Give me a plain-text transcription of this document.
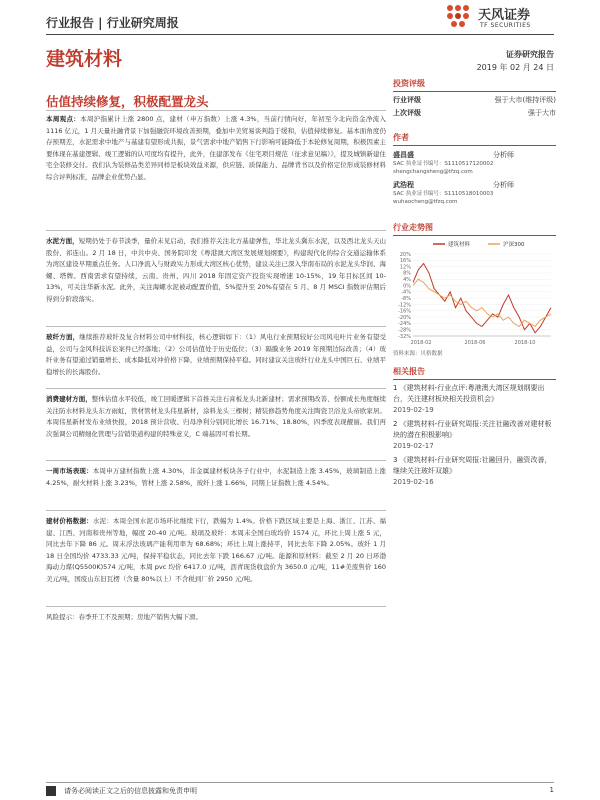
行业报告 | 行业研究周报	天风证券
TF SECURITIES
建筑材料	证券研究报告
2019 年 02 月 24 日
估值持续修复，积极配置龙头
本周观点：本周沪指累计上涨 2800 点，建材（申万指数）上涨 4.3%，当前行情向好，年初至今北向资金净流入 1116 亿元，1 月天量社融背景下加强融资环境改善预期，叠加中美贸易谈判趋于缓和，估值持续修复。基本面角度仍存预期差，水泥需求中地产与基建有望形成共振，景气需求中地产销售下行影响可能降低于本轮修复周期，积极因素主要体现在基建逻辑、竣工逻辑的认可度均有提升，此外，住建部发布《住宅项目规范（征求意见稿）》，提及城镇新建住宅全装修交付。我们认为装修品类差异同样是板块效益来源，供应链、质保能力、品牌背书以及价格定位形成装修材料综合评判标准，品牌企业优势凸显。
水泥方面，短期仍处于春节淡季，量价未见启动，我们推荐关注北方基建弹性，华北龙头冀东水泥，以及西北龙头天山股份、祁连山。2 月 18 日，中共中央、国务院印发《粤港澳大湾区发展规划纲要》，构建现代化的综合交通运输体系为湾区建设早期重点任务。人口净流入与财政实力形成大湾区核心优势，建议关注已深入华南布局的水泥龙头华润、海螺、塔牌。西南需求有望持续，云南、贵州、四川 2018 年固定资产投资实现增速 10-15%，19 年目标区间 10-13%，可关注华新水泥。此外，关注海螺水泥被动配置价值，5%提升至 20%有望在 5 月、8 月 MSCI 指数评估期后得到分阶段落实。
玻纤方面，继续推荐玻纤及复合材料公司中材科技，核心逻辑如下：（1）风电行业预期较好公司风电叶片业务有望受益，公司与金风科技诉讼案件已经落地；（2）公司估值处于历史低位；（3）隔膜业务 2019 年预期边际改善；（4）玻纤业务有望通过销量增长、成本降低对冲价格下降，业绩预期保持平稳。同时建议关注玻纤行业龙头中国巨石、业绩平稳增长的长海股份。
消费建材方面，整体估值水平较低，竣工回暖逻辑下首推关注石膏板龙头北新建材；需求预期改善、份额成长角度继续关注防水材料龙头东方雨虹，管材管材龙头伟星新材，涂料龙头三棵树；精装修趋势角度关注陶瓷卫浴龙头帝欧家居。本周伟星新材发布业绩快报，2018 预计营收、归母净利分别同比增长 16.71%、18.80%，四季度表现靓丽。我们再次强调公司精细化管理与营销渠道构建的特殊意义，C 端基因可看长期。
一周市场表现：本周申万建材指数上涨 4.30%，非金属建材板块各子行业中，水泥制造上涨 3.45%，玻璃制造上涨 4.25%，耐火材料上涨 3.23%，管材上涨 2.58%，玻纤上涨 1.66%，同期上证指数上涨 4.54%。
建材价格数据：水泥：本周全国水泥市场环比继续下行，跌幅为 1.4%。价格下跌区域主要是上海、浙江、江苏、福建、江西、河南和贵州等地，幅度 20-40 元/吨。玻璃及玻纤：本周末全国白玻均价 1574 元，环比上周上涨 5 元，同比去年下降 86 元。周末浮法玻璃产能利用率为 68.68%；环比上周上涨持平，同比去年下降 2.05%。玻纤 1 月 18 日全国均价 4733.33 元/吨，保持平稳状态，同比去年下跌 166.67 元/吨。能源和原材料：截至 2 月 20 日环渤海动力煤(Q5500K)574 元/吨，本周 pvc 均价 6417.0 元/吨，沥青现货收盘价为 3650.0 元/吨，11#美废售价 160 美元/吨，国废山东旧瓦楞（含量 80%以上）不含税到厂价 2950 元/吨。
风险提示：春季开工不及预期；房地产销售大幅下滑。
投资评级
行业评级	强于大市(维持评级)
上次评级	强于大市
作者
盛昌盛	分析师
SAC 执业证书编号：S1110517120002
shengchangsheng@tfzq.com
武浩程	分析师
SAC 执业证书编号：S1110518010003
wuhaocheng@tfzq.com
行业走势图
建筑材料	沪深300
20%
16%
12%
8%
4%
0%
-4%
-8%
-12%
-16%
-20%
-24%
-28%
-32%
2018-02	2018-06	2018-10
资料来源：贝格数据
相关报告
1 《建筑材料-行业点评:粤港澳大湾区规划纲要出台，关注建材板块相关投资机会》
2019-02-19
2 《建筑材料-行业研究周报:关注社融改善对建材板块的潜在积极影响》
2019-02-17
3 《建筑材料-行业研究周报:社融回升，融资改善，继续关注玻纤双雄》
2019-02-16
请务必阅读正文之后的信息披露和免责申明	1
